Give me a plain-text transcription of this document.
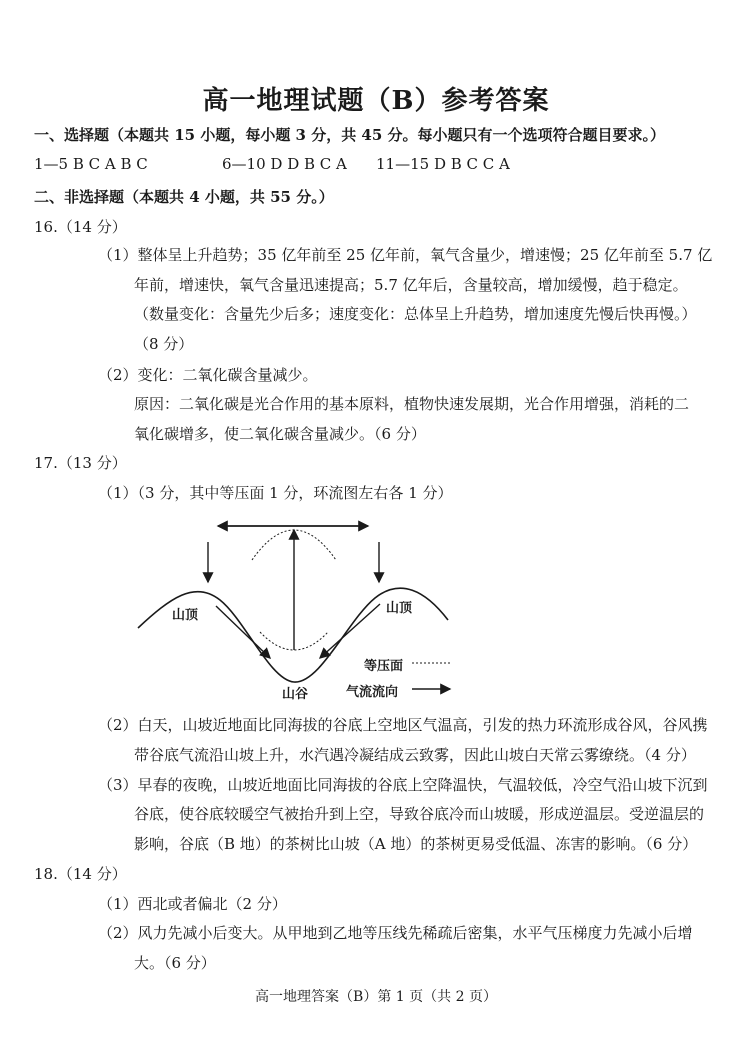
高一地理试题（B）参考答案
一、选择题（本题共 15 小题，每小题 3 分，共 45 分。每小题只有一个选项符合题目要求。）
1—5 B C A B C	6—10 D D B C A 11—15 D B C C A
二、非选择题（本题共 4 小题，共 55 分。）
16.（14 分）
（1）整体呈上升趋势；35 亿年前至 25 亿年前，氧气含量少，增速慢；25 亿年前至 5.7 亿
年前，增速快，氧气含量迅速提高；5.7 亿年后，含量较高，增加缓慢，趋于稳定。
（数量变化：含量先少后多；速度变化：总体呈上升趋势，增加速度先慢后快再慢。）
（8 分）
（2）变化：二氧化碳含量减少。
原因：二氧化碳是光合作用的基本原料，植物快速发展期，光合作用增强，消耗的二
氧化碳增多，使二氧化碳含量减少。（6 分）
17.（13 分）
（1）（3 分，其中等压面 1 分，环流图左右各 1 分）
山顶	山顶
山谷
等压面
气流流向
（2）白天，山坡近地面比同海拔的谷底上空地区气温高，引发的热力环流形成谷风，谷风携
带谷底气流沿山坡上升，水汽遇冷凝结成云致雾，因此山坡白天常云雾缭绕。（4 分）
（3）早春的夜晚，山坡近地面比同海拔的谷底上空降温快，气温较低，冷空气沿山坡下沉到
谷底，使谷底较暖空气被抬升到上空，导致谷底冷而山坡暖，形成逆温层。受逆温层的
影响，谷底（B 地）的茶树比山坡（A 地）的茶树更易受低温、冻害的影响。（6 分）
18.（14 分）
（1）西北或者偏北（2 分）
（2）风力先减小后变大。从甲地到乙地等压线先稀疏后密集，水平气压梯度力先减小后增
大。（6 分）
高一地理答案（B）第 1 页（共 2 页）
